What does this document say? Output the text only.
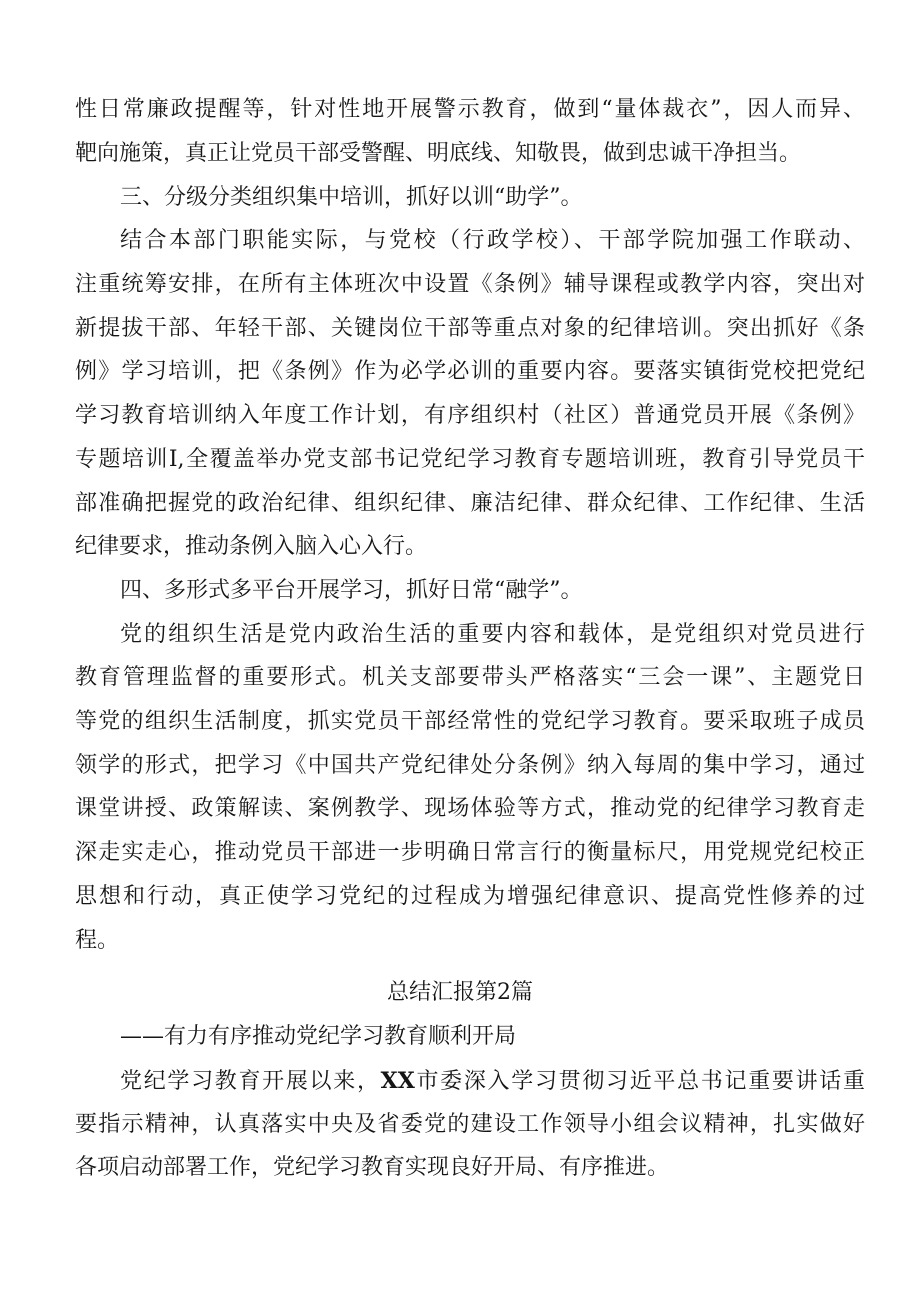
性日常廉政提醒等，针对性地开展警示教育，做到“量体裁衣”，因人而异、
靶向施策，真正让党员干部受警醒、明底线、知敬畏，做到忠诚干净担当。
三、分级分类组织集中培训，抓好以训“助学”。
结合本部门职能实际，与党校（行政学校）、干部学院加强工作联动、
注重统筹安排，在所有主体班次中设置《条例》辅导课程或教学内容，突出对
新提拔干部、年轻干部、关键岗位干部等重点对象的纪律培训。突出抓好《条
例》学习培训，把《条例》作为必学必训的重要内容。要落实镇街党校把党纪
学习教育培训纳入年度工作计划，有序组织村（社区）普通党员开展《条例》
专题培训I,全覆盖举办党支部书记党纪学习教育专题培训班，教育引导党员干
部准确把握党的政治纪律、组织纪律、廉洁纪律、群众纪律、工作纪律、生活
纪律要求，推动条例入脑入心入行。
四、多形式多平台开展学习，抓好日常“融学”。
党的组织生活是党内政治生活的重要内容和载体，是党组织对党员进行
教育管理监督的重要形式。机关支部要带头严格落实“三会一课”、主题党日
等党的组织生活制度，抓实党员干部经常性的党纪学习教育。要采取班子成员
领学的形式，把学习《中国共产党纪律处分条例》纳入每周的集中学习，通过
课堂讲授、政策解读、案例教学、现场体验等方式，推动党的纪律学习教育走
深走实走心，推动党员干部进一步明确日常言行的衡量标尺，用党规党纪校正
思想和行动，真正使学习党纪的过程成为增强纪律意识、提高党性修养的过
程。
总结汇报第2篇
——有力有序推动党纪学习教育顺利开局
党纪学习教育开展以来，XX市委深入学习贯彻习近平总书记重要讲话重
要指示精神，认真落实中央及省委党的建设工作领导小组会议精神，扎实做好
各项启动部署工作，党纪学习教育实现良好开局、有序推进。
